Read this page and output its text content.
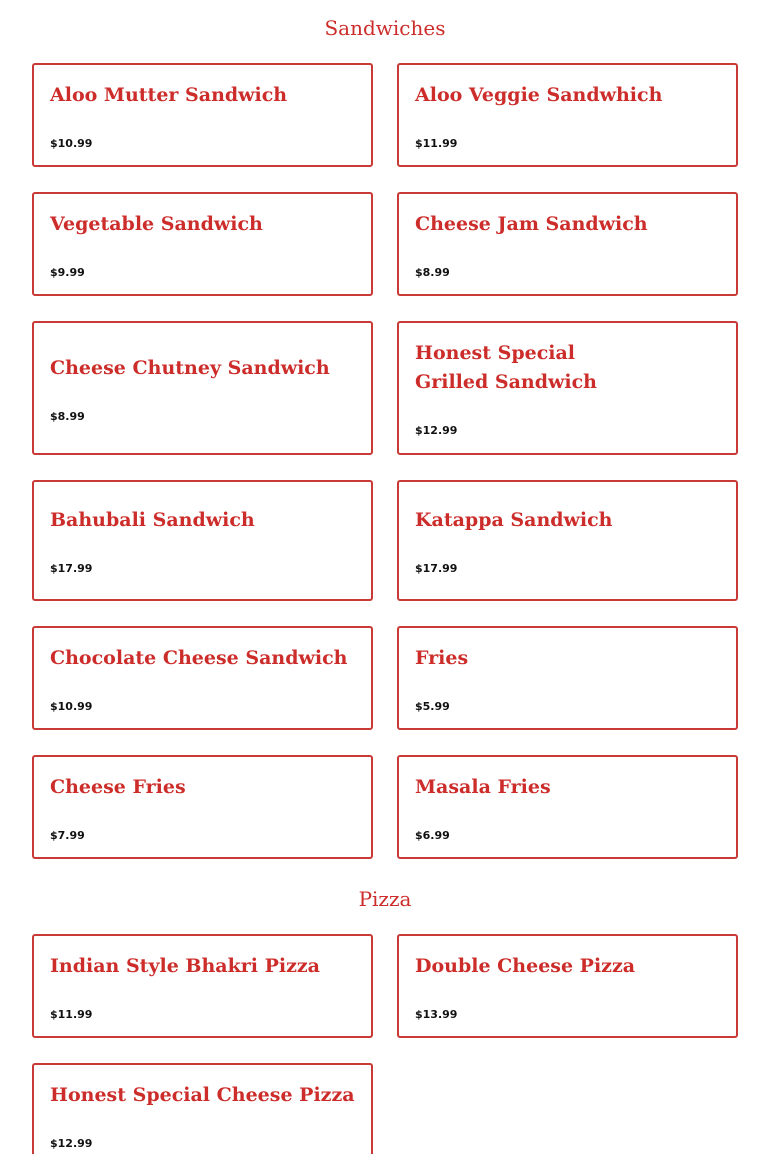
Sandwiches
Aloo Mutter Sandwich
$10.99
Aloo Veggie Sandwhich
$11.99
Vegetable Sandwich
$9.99
Cheese Jam Sandwich
$8.99
Cheese Chutney Sandwich
$8.99
Honest Special
Grilled Sandwich
$12.99
Bahubali Sandwich
$17.99
Katappa Sandwich
$17.99
Chocolate Cheese Sandwich
$10.99
Fries
$5.99
Cheese Fries
$7.99
Masala Fries
$6.99
Pizza
Indian Style Bhakri Pizza
$11.99
Double Cheese Pizza
$13.99
Honest Special Cheese Pizza
$12.99
